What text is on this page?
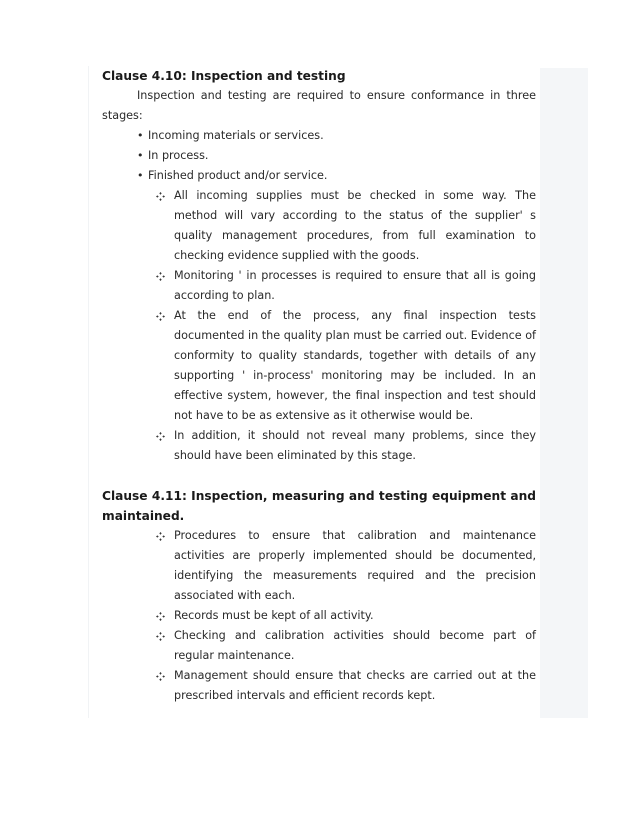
Clause 4.10: Inspection and testing

Inspection and testing are required to ensure conformance in three stages:

• Incoming materials or services.
• In process.
• Finished product and/or service.
All incoming supplies must be checked in some way. The method will vary according to the status of the supplier' s quality management procedures, from full examination to checking evidence supplied with the goods.
Monitoring ' in processes is required to ensure that all is going according to plan.
At the end of the process, any final inspection tests documented in the quality plan must be carried out. Evidence of conformity to quality standards, together with details of any supporting ' in-process' monitoring may be included. In an effective system, however, the final inspection and test should not have to be as extensive as it otherwise would be.
In addition, it should not reveal many problems, since they should have been eliminated by this stage.
Clause 4.11: Inspection, measuring and testing equipment and maintained.
Procedures to ensure that calibration and maintenance activities are properly implemented should be documented, identifying the measurements required and the precision associated with each.
Records must be kept of all activity.
Checking and calibration activities should become part of regular maintenance.
Management should ensure that checks are carried out at the prescribed intervals and efficient records kept.
